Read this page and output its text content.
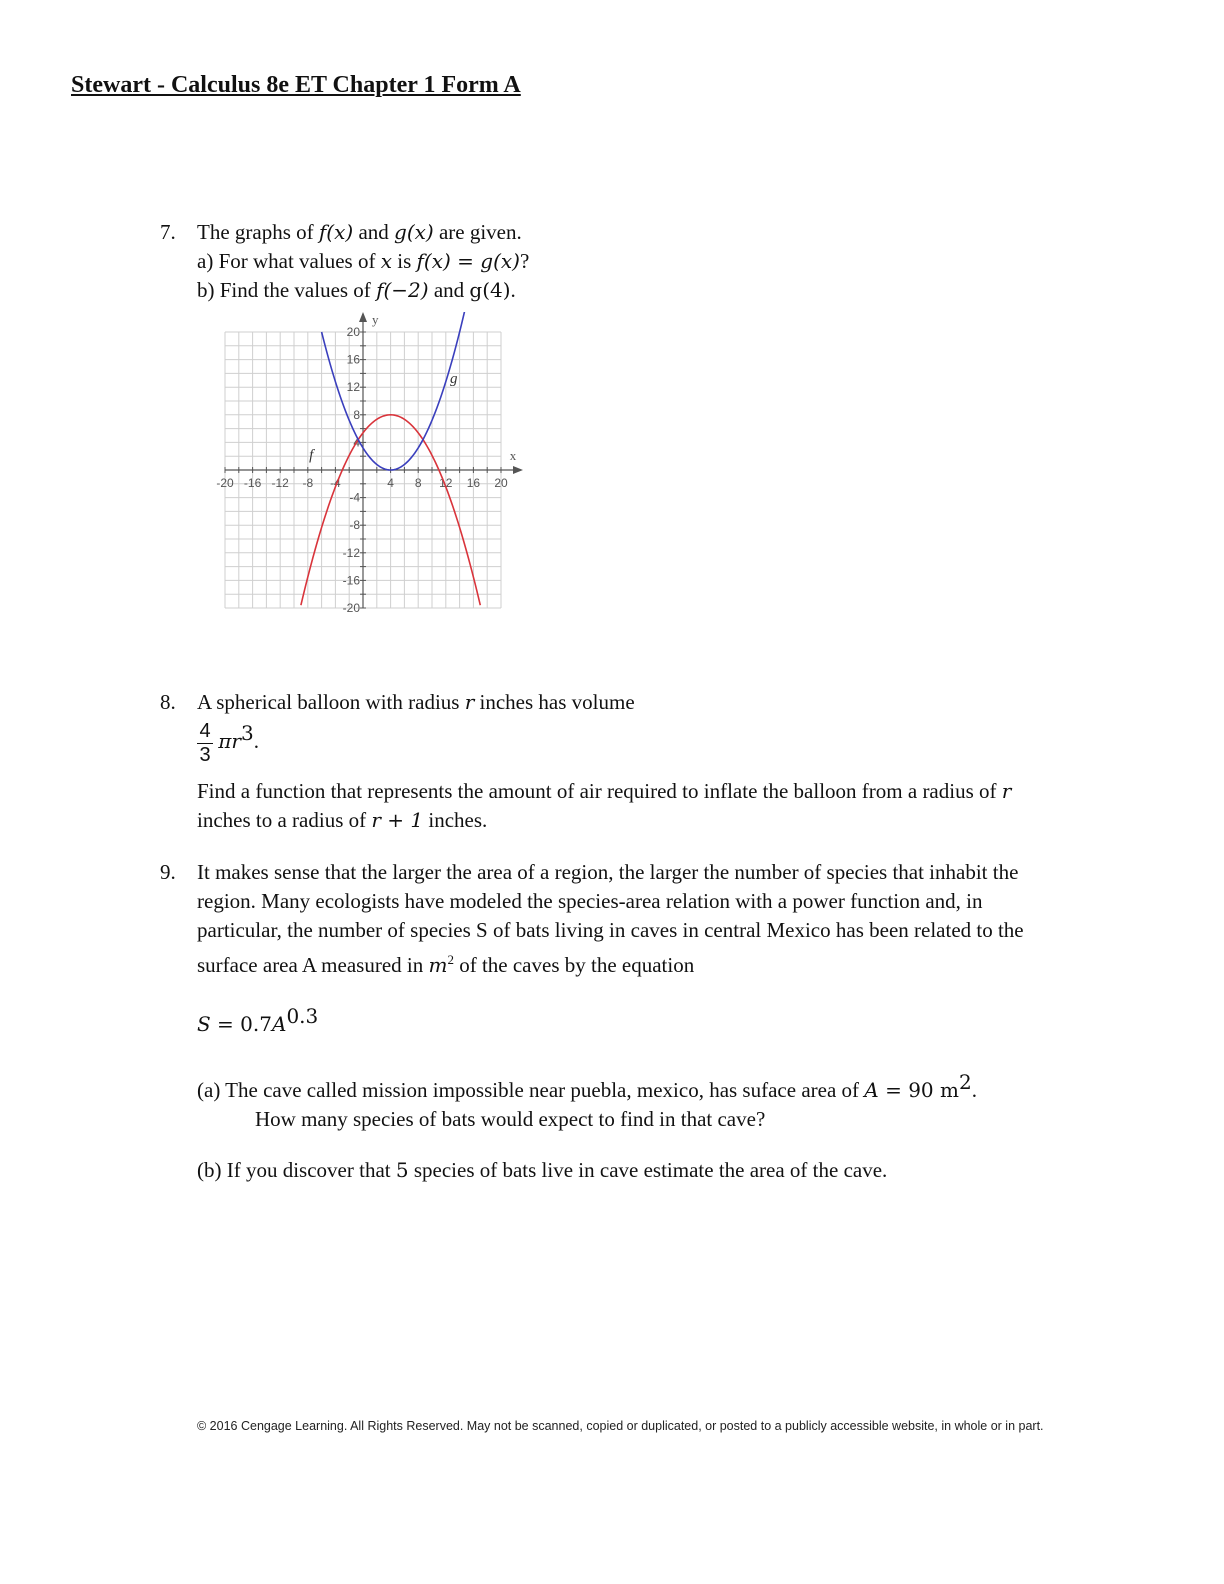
Stewart - Calculus 8e ET Chapter 1 Form A
7. The graphs of f(x) and g(x) are given.
a) For what values of x is f(x) = g(x)?
b) Find the values of f(−2) and g(4).
-20 -16 -12 -8 -4	4 8 12 16 20
20
16
12
8
4
-4
-8
-12
-16
-20
x
y
f
g
8. A spherical balloon with radius r inches has volume
$\frac{4}{3} \pi r^3$.
Find a function that represents the amount of air required to inflate the balloon from a radius of r
inches to a radius of r + 1 inches.
9. It makes sense that the larger the area of a region, the larger the number of species that inhabit the
region. Many ecologists have modeled the species-area relation with a power function and, in
particular, the number of species S of bats living in caves in central Mexico has been related to the
surface area A measured in $m^2$ of the caves by the equation
$S = 0.7A^{0.3}$
(a) The cave called mission impossible near puebla, mexico, has suface area of A = 90 $m^2$.
How many species of bats would expect to find in that cave?
(b) If you discover that 5 species of bats live in cave estimate the area of the cave.
© 2016 Cengage Learning. All Rights Reserved. May not be scanned, copied or duplicated, or posted to a publicly accessible website, in whole or in part.
